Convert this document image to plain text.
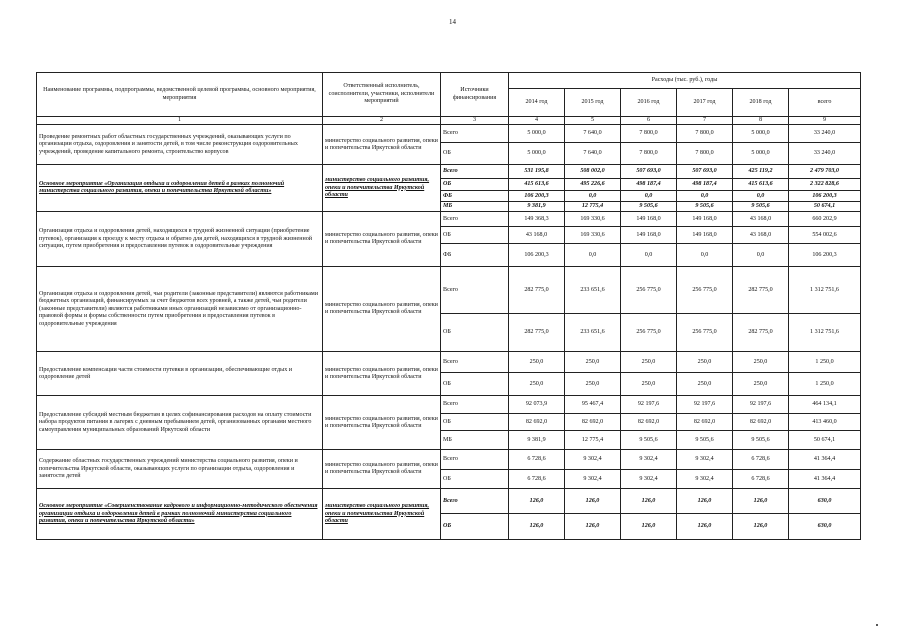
14
Наименование программы, подпрограммы, ведомственной целевой программы, основного мероприятия, мероприятия	Ответственный исполнитель, соисполнители, участники, исполнители мероприятий	Источники финансирования	Расходы (тыс. руб.), годы					
			2014 год	2015 год	2016 год	2017 год	2018 год	всего
1	2	3	4	5	6	7	8	9
Проведение ремонтных работ областных государственных учреждений, оказывающих услуги по организации отдыха, оздоровления и занятости детей, в том числе реконструкция оздоровительных учреждений, проведение капитального ремонта, строительство корпусов	министерство социального развития, опеки и попечительства Иркутской области	Всего	5 000,0	7 640,0	7 800,0	7 800,0	5 000,0	33 240,0
		ОБ	5 000,0	7 640,0	7 800,0	7 800,0	5 000,0	33 240,0
Основное мероприятие «Организация отдыха и оздоровления детей в рамках полномочий министерства социального развития, опеки и попечительства Иркутской области»	министерство социального развития, опеки и попечительства Иркутской области	Всего	531 195,8	508 002,0	507 693,0	507 693,0	425 119,2	2 479 703,0
		ОБ	415 613,6	495 226,6	498 187,4	498 187,4	415 613,6	2 322 828,6
		ФБ	106 200,3	0,0	0,0	0,0	0,0	106 200,3
		МБ	9 381,9	12 775,4	9 505,6	9 505,6	9 505,6	50 674,1
Организация отдыха и оздоровления детей, находящихся в трудной жизненной ситуации (приобретение путевок), организация к проезду к месту отдыха и обратно для детей, находящихся в трудной жизненной ситуации, путем приобретения и предоставления путевок в оздоровительные учреждения	министерство социального развития, опеки и попечительства Иркутской области	Всего	149 368,3	169 330,6	149 168,0	149 168,0	43 168,0	660 202,9
		ОБ	43 168,0	169 330,6	149 168,0	149 168,0	43 168,0	554 002,6
		ФБ	106 200,3	0,0	0,0	0,0	0,0	106 200,3
Организация отдыха и оздоровления детей, чьи родители (законные представители) являются работниками бюджетных организаций, финансируемых за счет бюджетов всех уровней, а также детей, чьи родители (законные представители) являются работниками иных организаций независимо от организационно-правовой формы и формы собственности путем приобретения и предоставления путевок в оздоровительные учреждения	министерство социального развития, опеки и попечительства Иркутской области	Всего	282 775,0	233 651,6	256 775,0	256 775,0	282 775,0	1 312 751,6
		ОБ	282 775,0	233 651,6	256 775,0	256 775,0	282 775,0	1 312 751,6
Предоставление компенсации части стоимости путевки в организации, обеспечивающие отдых и оздоровление детей	министерство социального развития, опеки и попечительства Иркутской области	Всего	250,0	250,0	250,0	250,0	250,0	1 250,0
		ОБ	250,0	250,0	250,0	250,0	250,0	1 250,0
Предоставление субсидий местным бюджетам в целях софинансирования расходов на оплату стоимости набора продуктов питания в лагерях с дневным пребыванием детей, организованных органами местного самоуправления муниципальных образований Иркутской области	министерство социального развития, опеки и попечительства Иркутской области	Всего	92 073,9	95 467,4	92 197,6	92 197,6	92 197,6	464 134,1
		ОБ	82 692,0	82 692,0	82 692,0	82 692,0	82 692,0	413 460,0
		МБ	9 381,9	12 775,4	9 505,6	9 505,6	9 505,6	50 674,1
Содержание областных государственных учреждений министерства социального развития, опеки и попечительства Иркутской области, оказывающих услуги по организации отдыха, оздоровления и занятости детей	министерство социального развития, опеки и попечительства Иркутской области	Всего	6 728,6	9 302,4	9 302,4	9 302,4	6 728,6	41 364,4
		ОБ	6 728,6	9 302,4	9 302,4	9 302,4	6 728,6	41 364,4
Основное мероприятие «Совершенствование кадрового и информационно-методического обеспечения организации отдыха и оздоровления детей в рамках полномочий министерства социального развития, опеки и попечительства Иркутской области»	министерство социального развития, опеки и попечительства Иркутской области	Всего	126,0	126,0	126,0	126,0	126,0	630,0
		ОБ	126,0	126,0	126,0	126,0	126,0	630,0
